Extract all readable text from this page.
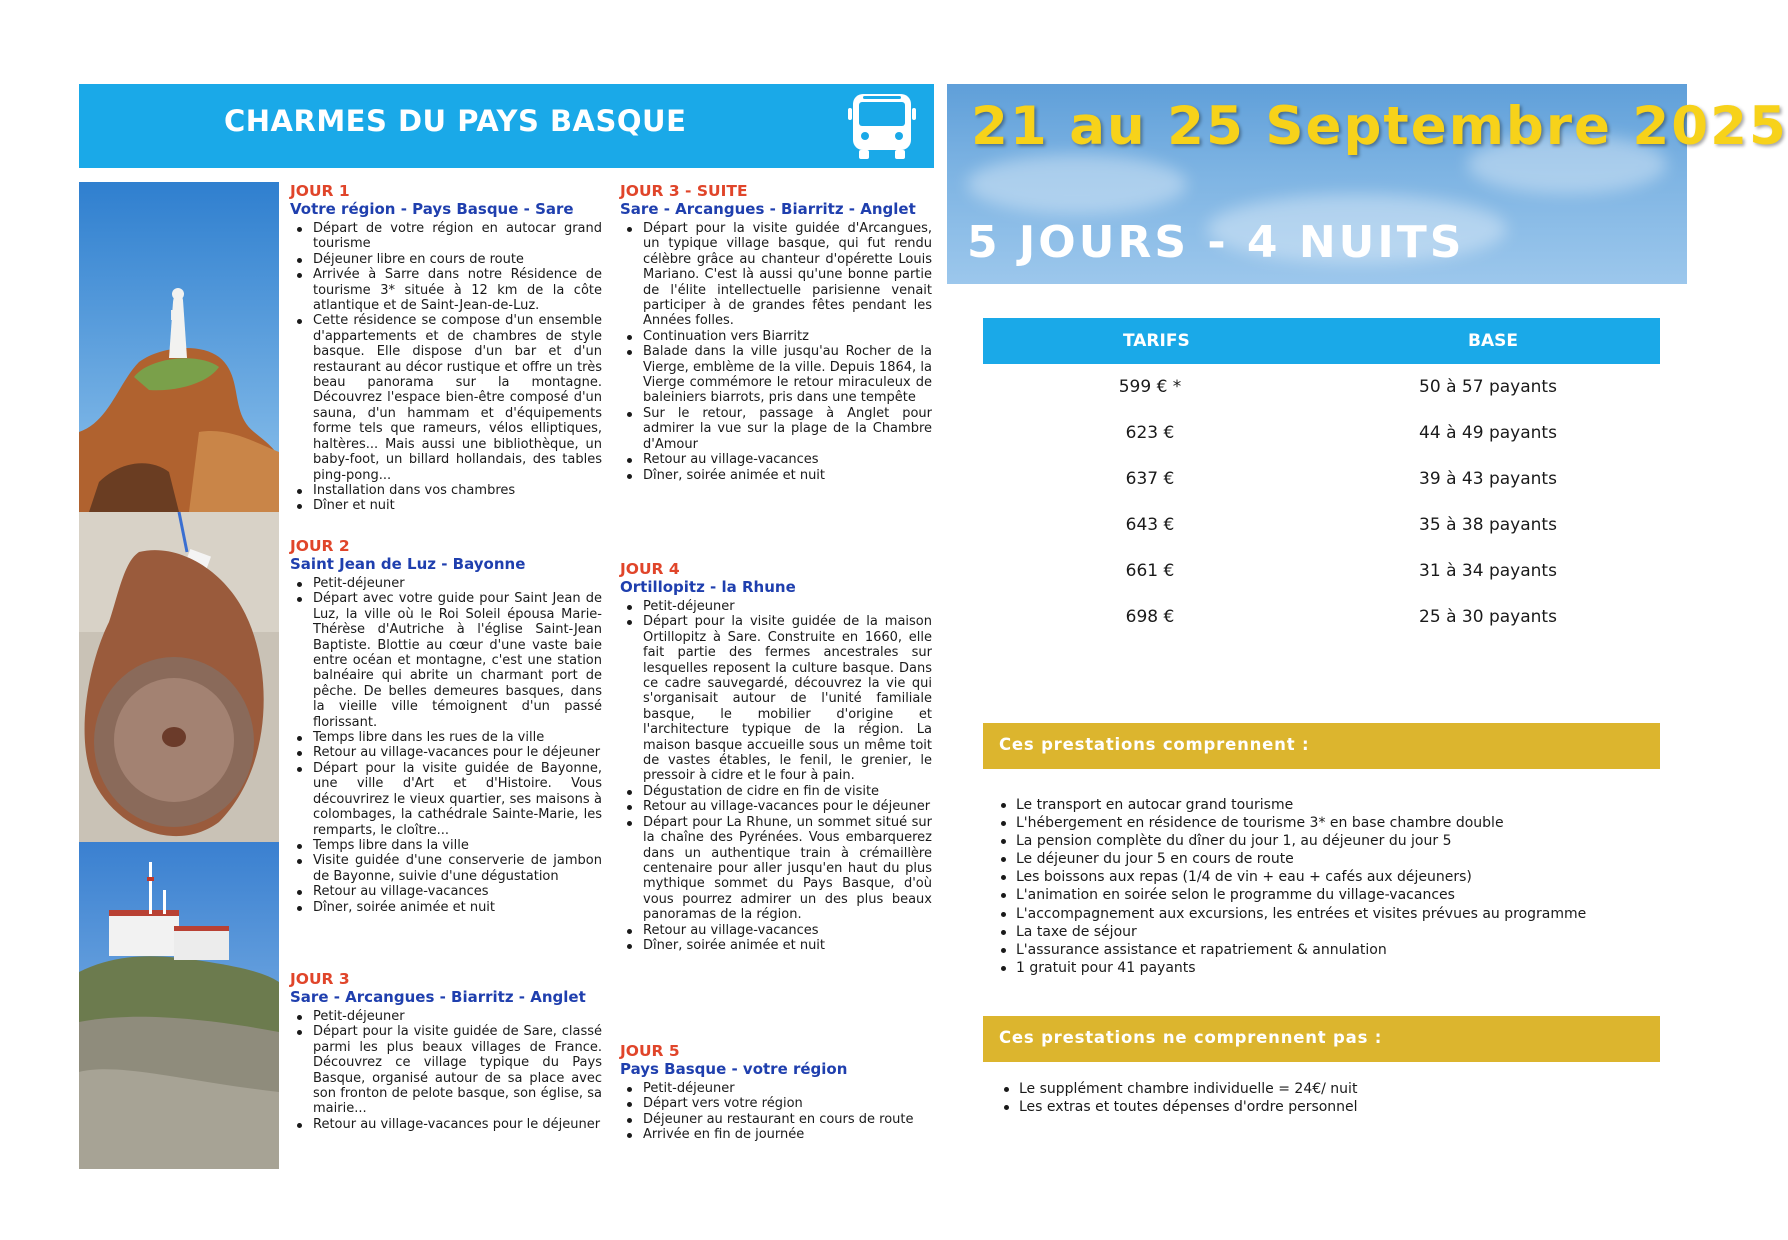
CHARMES DU PAYS BASQUE
JOUR 1
Votre région - Pays Basque - Sare
Départ de votre région en autocar grand tourisme
Déjeuner libre en cours de route
Arrivée à Sarre dans notre Résidence de tourisme 3* située à 12 km de la côte atlantique et de Saint-Jean-de-Luz.
Cette résidence se compose d'un ensemble d'appartements et de chambres de style basque. Elle dispose d'un bar et d'un restaurant au décor rustique et offre un très beau panorama sur la montagne. Découvrez l'espace bien-être composé d'un sauna, d'un hammam et d'équipements forme tels que rameurs, vélos elliptiques, haltères... Mais aussi une bibliothèque, un baby-foot, un billard hollandais, des tables ping-pong...
Installation dans vos chambres
Dîner et nuit
JOUR 2
Saint Jean de Luz - Bayonne
Petit-déjeuner
Départ avec votre guide pour Saint Jean de Luz, la ville où le Roi Soleil épousa Marie-Thérèse d'Autriche à l'église Saint-Jean Baptiste. Blottie au cœur d'une vaste baie entre océan et montagne, c'est une station balnéaire qui abrite un charmant port de pêche. De belles demeures basques, dans la vieille ville témoignent d'un passé florissant.
Temps libre dans les rues de la ville
Retour au village-vacances pour le déjeuner
Départ pour la visite guidée de Bayonne, une ville d'Art et d'Histoire. Vous découvrirez le vieux quartier, ses maisons à colombages, la cathédrale Sainte-Marie, les remparts, le cloître...
Temps libre dans la ville
Visite guidée d'une conserverie de jambon de Bayonne, suivie d'une dégustation
Retour au village-vacances
Dîner, soirée animée et nuit
JOUR 3
Sare - Arcangues - Biarritz - Anglet
Petit-déjeuner
Départ pour la visite guidée de Sare, classé parmi les plus beaux villages de France. Découvrez ce village typique du Pays Basque, organisé autour de sa place avec son fronton de pelote basque, son église, sa mairie...
Retour au village-vacances pour le déjeuner
JOUR 3 - SUITE
Sare - Arcangues - Biarritz - Anglet
Départ pour la visite guidée d'Arcangues, un typique village basque, qui fut rendu célèbre grâce au chanteur d'opérette Louis Mariano. C'est là aussi qu'une bonne partie de l'élite intellectuelle parisienne venait participer à de grandes fêtes pendant les Années folles.
Continuation vers Biarritz
Balade dans la ville jusqu'au Rocher de la Vierge, emblème de la ville. Depuis 1864, la Vierge commémore le retour miraculeux de baleiniers biarrots, pris dans une tempête
Sur le retour, passage à Anglet pour admirer la vue sur la plage de la Chambre d'Amour
Retour au village-vacances
Dîner, soirée animée et nuit
JOUR 4
Ortillopitz - la Rhune
Petit-déjeuner
Départ pour la visite guidée de la maison Ortillopitz à Sare. Construite en 1660, elle fait partie des fermes ancestrales sur lesquelles reposent la culture basque. Dans ce cadre sauvegardé, découvrez la vie qui s'organisait autour de l'unité familiale basque, le mobilier d'origine et l'architecture typique de la région. La maison basque accueille sous un même toit de vastes étables, le fenil, le grenier, le pressoir à cidre et le four à pain.
Dégustation de cidre en fin de visite
Retour au village-vacances pour le déjeuner
Départ pour La Rhune, un sommet situé sur la chaîne des Pyrénées. Vous embarquerez dans un authentique train à crémaillère centenaire pour aller jusqu'en haut du plus mythique sommet du Pays Basque, d'où vous pourrez admirer un des plus beaux panoramas de la région.
Retour au village-vacances
Dîner, soirée animée et nuit
JOUR 5
Pays Basque - votre région
Petit-déjeuner
Départ vers votre région
Déjeuner au restaurant en cours de route
Arrivée en fin de journée
21 au 25 Septembre 2025
5 JOURS - 4 NUITS
TARIFS	BASE
599 € *	50 à 57 payants
623 €	44 à 49 payants
637 €	39 à 43 payants
643 €	35 à 38 payants
661 €	31 à 34 payants
698 €	25 à 30 payants
Ces prestations comprennent :
Le transport en autocar grand tourisme
L'hébergement en résidence de tourisme 3* en base chambre double
La pension complète du dîner du jour 1, au déjeuner du jour 5
Le déjeuner du jour 5 en cours de route
Les boissons aux repas (1/4 de vin + eau + cafés aux déjeuners)
L'animation en soirée selon le programme du village-vacances
L'accompagnement aux excursions, les entrées et visites prévues au programme
La taxe de séjour
L'assurance assistance et rapatriement & annulation
1 gratuit pour 41 payants
Ces prestations ne comprennent pas :
Le supplément chambre individuelle = 24€/ nuit
Les extras et toutes dépenses d'ordre personnel
